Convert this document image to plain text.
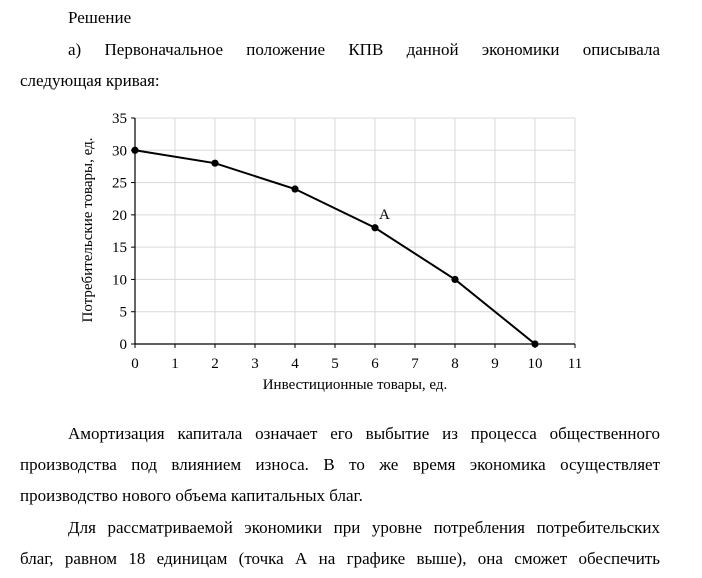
Решение
а) Первоначальное положение КПВ данной экономики описывала
следующая кривая:
0
5
10
15
20
25
30
35
0 1 2 3 4 5 6 7 8 9 10 11
А
Инвестиционные товары, ед.
Потребительские товары, ед.
Амортизация капитала означает его выбытие из процесса общественного
производства под влиянием износа. В то же время экономика осуществляет
производство нового объема капитальных благ.
Для рассматриваемой экономики при уровне потребления потребительских
благ, равном 18 единицам (точка А на графике выше), она сможет обеспечить
